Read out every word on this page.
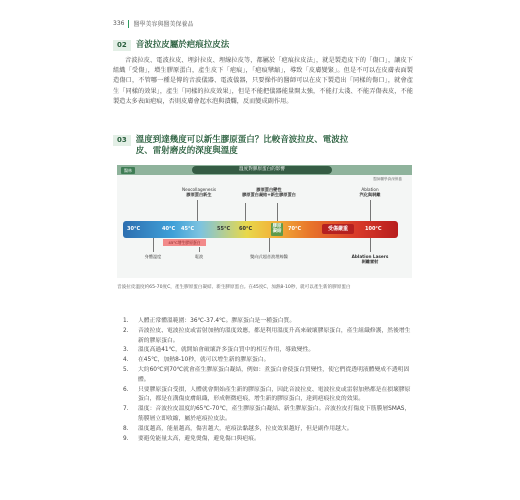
336 醫學美容與醫美保養品
02	音波拉皮屬於疤痕拉皮法

音波拉皮、電波拉皮、埋針拉皮、埋線拉皮等，都屬於「疤痕拉皮法」，就是製造皮下的「傷口」，讓皮下組織「受傷」，增生膠原蛋白，產生皮下「疤痕」，「疤痕攣縮」，導致「皮膚變緊」。但是不可以在皮膚表面製造傷口，不管哪一種是傳的音波儀器、電波儀器，只要操作的醫師可以在皮下製造出「同樣的傷口」，就會產生「同樣的效果」，產生「同樣的拉皮效果」，但是不能把儀器能量開太強，不能打太淺、不能弄傷表皮，不能製造太多表面疤痕，否則皮膚會起水泡與潰爛，反而變成副作用。

03	溫度到達幾度可以新生膠原蛋白？比較音波拉皮、電波拉
皮、雷射磨皮的深度與溫度
醫林	溫度對膠原蛋白的影響
醫師攝學資深保養
Neocollagenesis
膠原蛋白新生
膠原蛋白變性
膠原蛋白凝結+新生膠原蛋白
Ablation
汽化與剝離
30°C	40°C 45°C	55°C 60°C	膠原凝結	70°C	受傷嚴重	100°C
45°C增生膠原蛋白
身體溫度	電波	雙向式超音波埋線醫	Ablation Lasers
剝離雷射

音波拉皮溫度約65-70度C，產生膠原蛋白凝結、新生膠原蛋白。在45度C，加熱8-10秒，就可以產生新的膠原蛋白

1.	人體正常體溫範圍：36℃-37.4℃。膠原蛋白是一種蛋白質。
2.	音波拉皮、電波拉皮或雷射加熱的溫度效應，都是利用溫度升高來破壞膠原蛋白，產生組織修護，然後增生新的膠原蛋白。
3.	溫度高過41℃，就開始會破壞許多蛋白質中的相互作用，導致變性。
4.	在45℃，加熱8-10秒，就可以增生新的膠原蛋白。
5.	大約60℃到70℃就會產生膠原蛋白凝結，例如：煮蛋白會使蛋白質變性，使它們從透明液體變成不透明固體。
6.	只要膠原蛋白受損，人體就會開始產生新的膠原蛋白，因此音波拉皮、電波拉皮或雷射加熱都是在損壞膠原蛋白，都是在溝傷皮膚組織，形成輕微疤痕，增生新的膠原蛋白，達到疤痕拉皮的效果。
7.	溫度：音波拉皮溫度約65℃-70℃，產生膠原蛋白凝結、新生膠原蛋白。音波拉皮打傷皮下筋膜層SMAS，筋膜層立即收縮，屬於疤痕拉皮法。
8.	溫度越高，能量越高，傷害越大，疤痕法黏越多，拉皮效果越好，但是副作用越大。
9.	要避免能量太高，避免燙傷，避免傷口與疤痕。
